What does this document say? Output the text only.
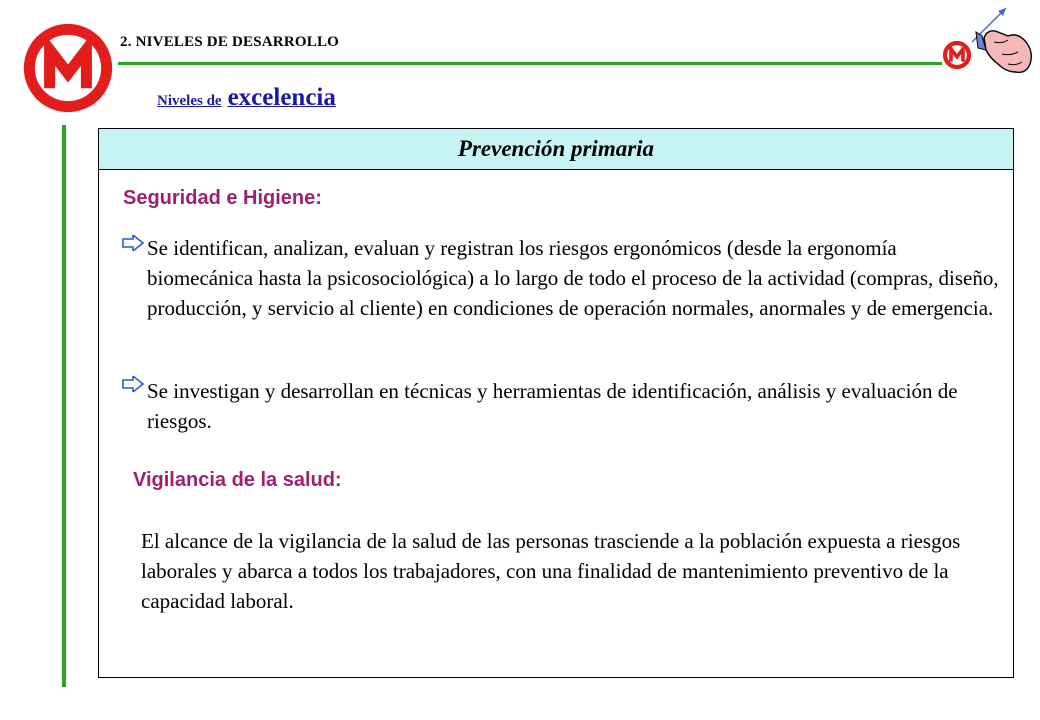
2. NIVELES DE DESARROLLO
Niveles de excelencia
Prevención primaria
Seguridad e Higiene:
Se identifican, analizan, evaluan y registran los riesgos ergonómicos (desde la ergonomía biomecánica hasta la psicosociológica) a lo largo de todo el proceso de la actividad (compras, diseño, producción, y servicio al cliente) en condiciones de operación normales, anormales y de emergencia.
Se investigan y desarrollan en técnicas y herramientas de identificación, análisis y evaluación de riesgos.
Vigilancia de la salud:
El alcance de la vigilancia de la salud de las personas trasciende a la población expuesta a riesgos laborales y abarca a todos los trabajadores, con una finalidad de mantenimiento preventivo de la capacidad laboral.
